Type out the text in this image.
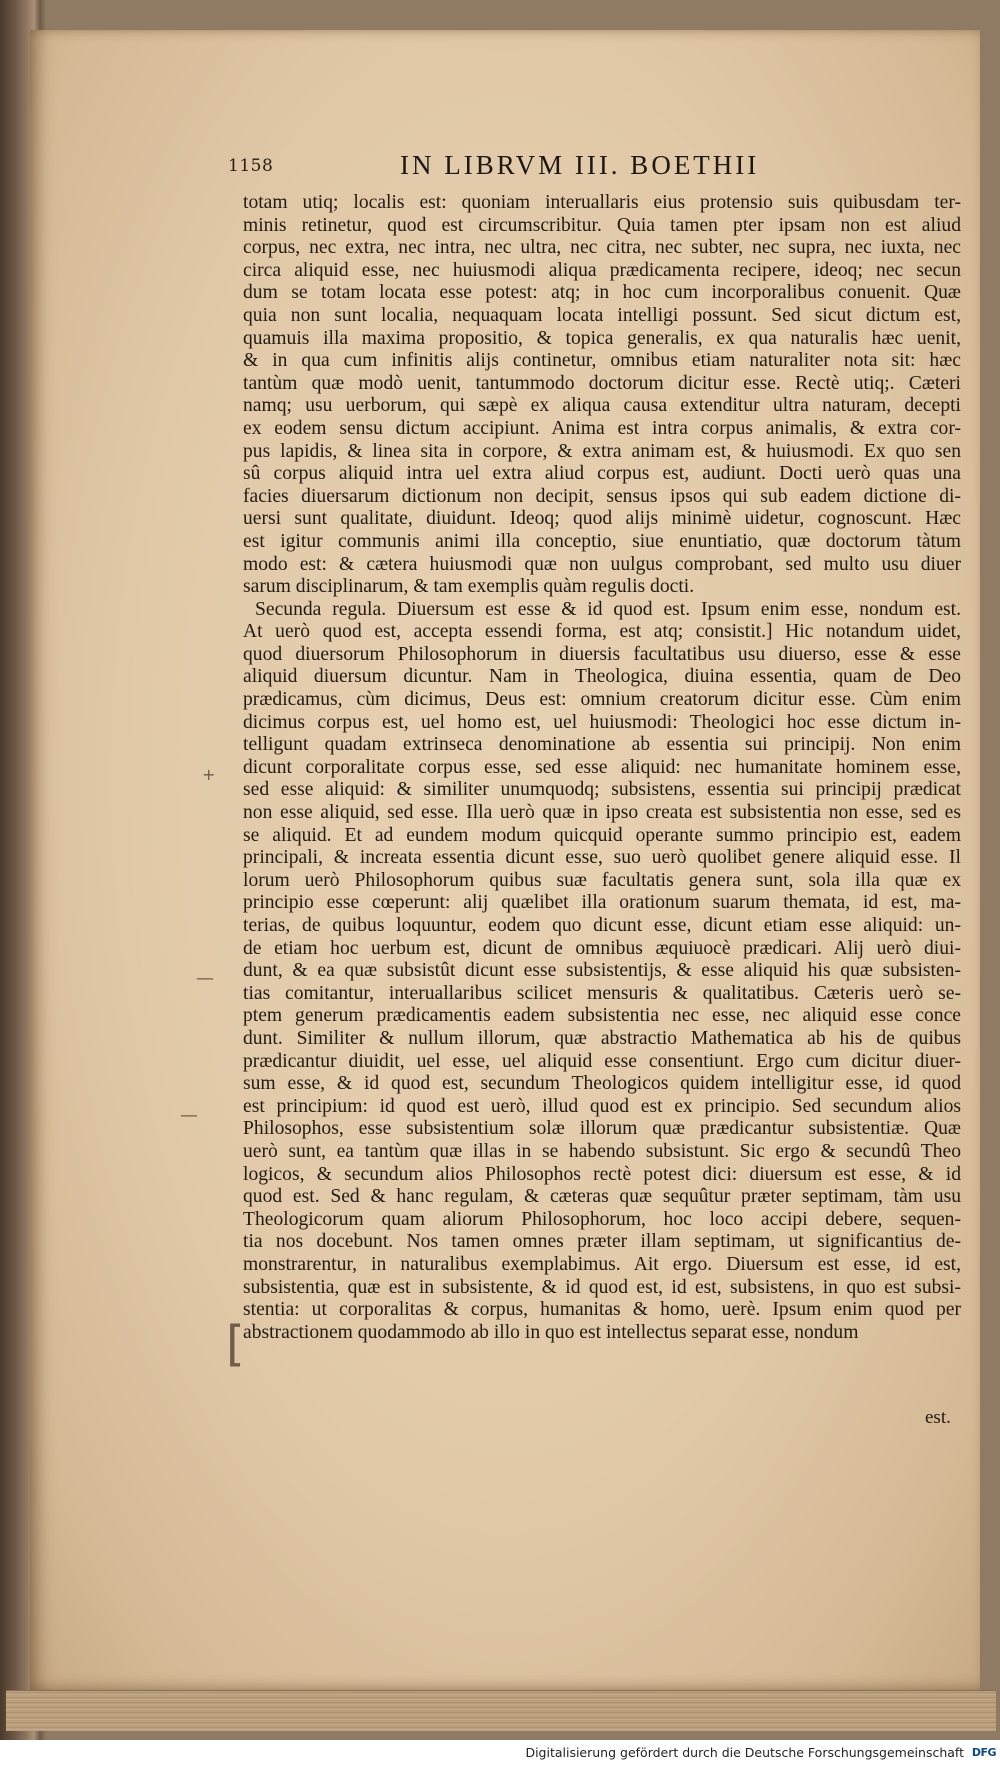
1158	IN LIBRVM III. BOETHII
totam utiq; localis est: quoniam interuallaris eius protensio suis quibusdam ter-
minis retinetur, quod est circumscribitur. Quia tamen pter ipsam non est aliud
corpus, nec extra, nec intra, nec ultra, nec citra, nec subter, nec supra, nec iuxta, nec
circa aliquid esse, nec huiusmodi aliqua prædicamenta recipere, ideoq; nec secun
dum se totam locata esse potest: atq; in hoc cum incorporalibus conuenit. Quæ
quia non sunt localia, nequaquam locata intelligi possunt. Sed sicut dictum est,
quamuis illa maxima propositio, & topica generalis, ex qua naturalis hæc uenit,
& in qua cum infinitis alijs continetur, omnibus etiam naturaliter nota sit: hæc
tantùm quæ modò uenit, tantummodo doctorum dicitur esse. Rectè utiq;. Cæteri
namq; usu uerborum, qui sæpè ex aliqua causa extenditur ultra naturam, decepti
ex eodem sensu dictum accipiunt. Anima est intra corpus animalis, & extra cor-
pus lapidis, & linea sita in corpore, & extra animam est, & huiusmodi. Ex quo sen
sû corpus aliquid intra uel extra aliud corpus est, audiunt. Docti uerò quas una
facies diuersarum dictionum non decipit, sensus ipsos qui sub eadem dictione di-
uersi sunt qualitate, diuidunt. Ideoq; quod alijs minimè uidetur, cognoscunt. Hæc
est igitur communis animi illa conceptio, siue enuntiatio, quæ doctorum tàtum
modo est: & cætera huiusmodi quæ non uulgus comprobant, sed multo usu diuer
sarum disciplinarum, & tam exemplis quàm regulis docti.
Secunda regula. Diuersum est esse & id quod est. Ipsum enim esse, nondum est.
At uerò quod est, accepta essendi forma, est atq; consistit.] Hic notandum uidet,
quod diuersorum Philosophorum in diuersis facultatibus usu diuerso, esse & esse
aliquid diuersum dicuntur. Nam in Theologica, diuina essentia, quam de Deo
prædicamus, cùm dicimus, Deus est: omnium creatorum dicitur esse. Cùm enim
dicimus corpus est, uel homo est, uel huiusmodi: Theologici hoc esse dictum in-
telligunt quadam extrinseca denominatione ab essentia sui principij. Non enim
dicunt corporalitate corpus esse, sed esse aliquid: nec humanitate hominem esse,
sed esse aliquid: & similiter unumquodq; subsistens, essentia sui principij prædicat
non esse aliquid, sed esse. Illa uerò quæ in ipso creata est subsistentia non esse, sed es
se aliquid. Et ad eundem modum quicquid operante summo principio est, eadem
principali, & increata essentia dicunt esse, suo uerò quolibet genere aliquid esse. Il
lorum uerò Philosophorum quibus suæ facultatis genera sunt, sola illa quæ ex
principio esse cœperunt: alij quælibet illa orationum suarum themata, id est, ma-
terias, de quibus loquuntur, eodem quo dicunt esse, dicunt etiam esse aliquid: un-
de etiam hoc uerbum est, dicunt de omnibus æquiuocè prædicari. Alij uerò diui-
dunt, & ea quæ subsistût dicunt esse subsistentijs, & esse aliquid his quæ subsisten-
tias comitantur, interuallaribus scilicet mensuris & qualitatibus. Cæteris uerò se-
ptem generum prædicamentis eadem subsistentia nec esse, nec aliquid esse conce
dunt. Similiter & nullum illorum, quæ abstractio Mathematica ab his de quibus
prædicantur diuidit, uel esse, uel aliquid esse consentiunt. Ergo cum dicitur diuer-
sum esse, & id quod est, secundum Theologicos quidem intelligitur esse, id quod
est principium: id quod est uerò, illud quod est ex principio. Sed secundum alios
Philosophos, esse subsistentium solæ illorum quæ prædicantur subsistentiæ. Quæ
uerò sunt, ea tantùm quæ illas in se habendo subsistunt. Sic ergo & secundû Theo
logicos, & secundum alios Philosophos rectè potest dici: diuersum est esse, & id
quod est. Sed & hanc regulam, & cæteras quæ sequûtur præter septimam, tàm usu
Theologicorum quam aliorum Philosophorum, hoc loco accipi debere, sequen-
tia nos docebunt. Nos tamen omnes præter illam septimam, ut significantius de-
monstrarentur, in naturalibus exemplabimus. Ait ergo. Diuersum est esse, id est,
subsistentia, quæ est in subsistente, & id quod est, id est, subsistens, in quo est subsi-
stentia: ut corporalitas & corpus, humanitas & homo, uerè. Ipsum enim quod per
abstractionem quodammodo ab illo in quo est intellectus separat esse, nondum
est.
+
—
—
[
Digitalisierung gefördert durch die Deutsche Forschungsgemeinschaft DFG
